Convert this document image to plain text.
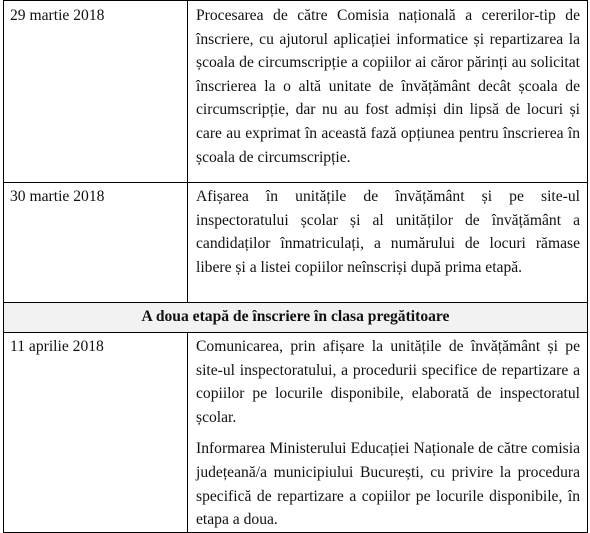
29 martie 2018	Procesarea de către Comisia națională a cererilor-tip de înscriere, cu ajutorul aplicației informatice și repartizarea la școala de circumscripție a copiilor ai căror părinți au solicitat înscrierea la o altă unitate de învățământ decât școala de circumscripție, dar nu au fost admiși din lipsă de locuri și care au exprimat în această fază opțiunea pentru înscrierea în școala de circumscripție.

30 martie 2018	Afișarea în unitățile de învățământ și pe site-ul inspectoratului școlar și al unităților de învățământ a candidaților înmatriculați, a numărului de locuri rămase libere și a listei copiilor neînscriși după prima etapă.

A doua etapă de înscriere în clasa pregătitoare	
11 aprilie 2018	Comunicarea, prin afișare la unitățile de învățământ și pe site-ul inspectoratului, a procedurii specifice de repartizare a copiilor pe locurile disponibile, elaborată de inspectoratul școlar.

Informarea Ministerului Educației Naționale de către comisia județeană/a municipiului București, cu privire la procedura specifică de repartizare a copiilor pe locurile disponibile, în etapa a doua.
